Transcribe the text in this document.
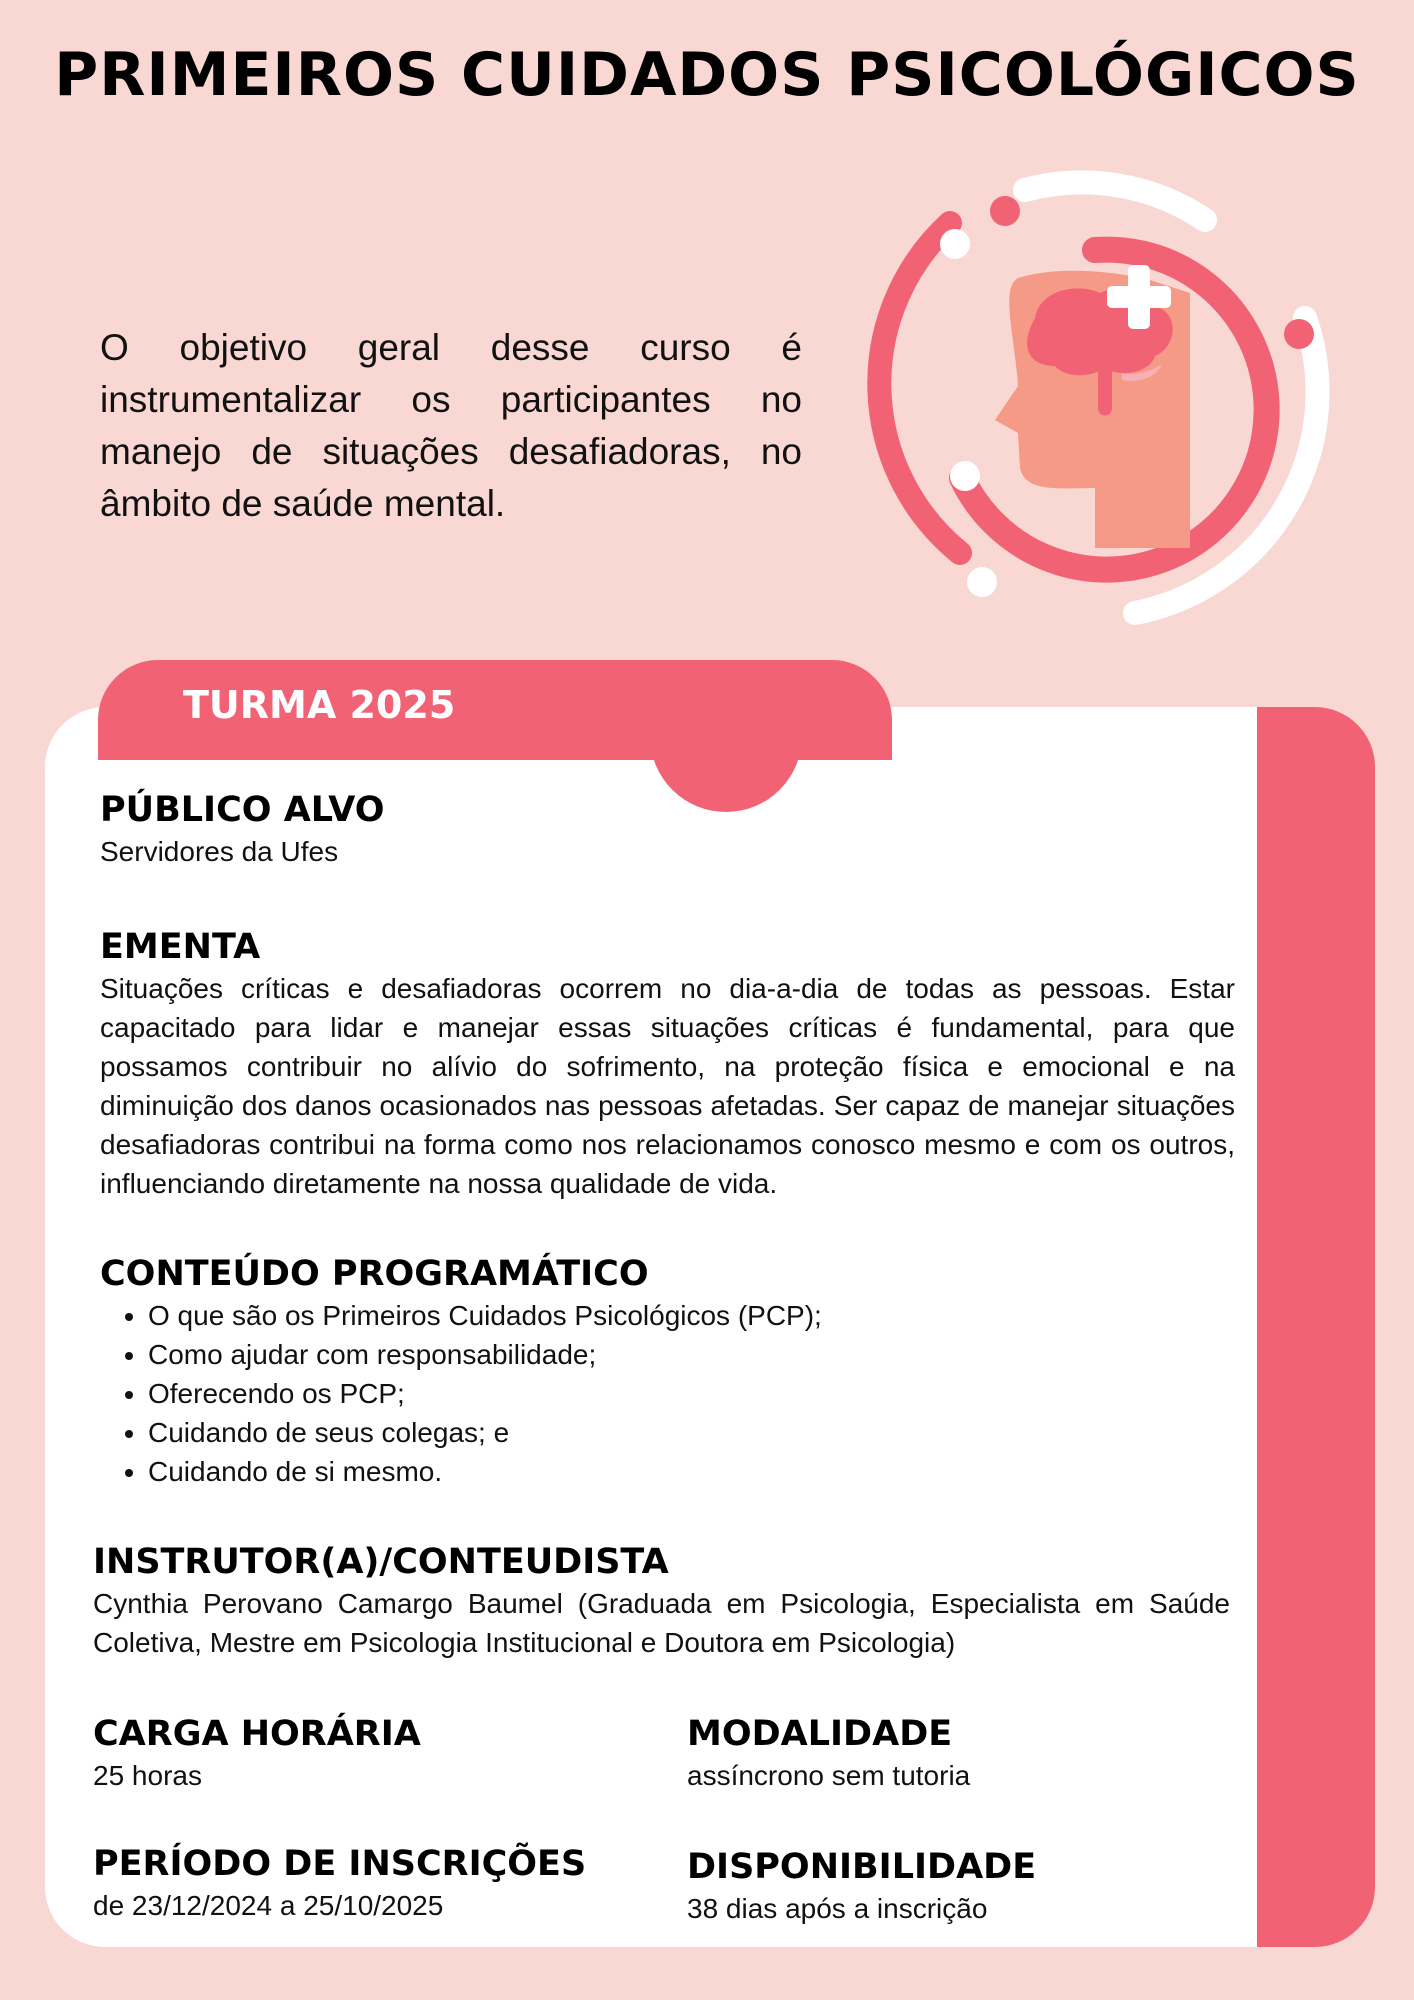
PRIMEIROS CUIDADOS PSICOLÓGICOS

O objetivo geral desse curso é instrumentalizar os participantes no manejo de situações desafiadoras, no âmbito de saúde mental.

TURMA 2025
PÚBLICO ALVO

Servidores da Ufes

EMENTA

Situações críticas e desafiadoras ocorrem no dia-a-dia de todas as pessoas. Estar capacitado para lidar e manejar essas situações críticas é fundamental, para que possamos contribuir no alívio do sofrimento, na proteção física e emocional e na diminuição dos danos ocasionados nas pessoas afetadas. Ser capaz de manejar situações desafiadoras contribui na forma como nos relacionamos conosco mesmo e com os outros, influenciando diretamente na nossa qualidade de vida.

CONTEÚDO PROGRAMÁTICO
• O que são os Primeiros Cuidados Psicológicos (PCP);
• Como ajudar com responsabilidade;
• Oferecendo os PCP;
• Cuidando de seus colegas; e
• Cuidando de si mesmo.
INSTRUTOR(A)/CONTEUDISTA

Cynthia Perovano Camargo Baumel (Graduada em Psicologia, Especialista em Saúde Coletiva, Mestre em Psicologia Institucional e Doutora em Psicologia)

CARGA HORÁRIA

25 horas

MODALIDADE

assíncrono sem tutoria

PERÍODO DE INSCRIÇÕES

de 23/12/2024 a 25/10/2025

DISPONIBILIDADE

38 dias após a inscrição
